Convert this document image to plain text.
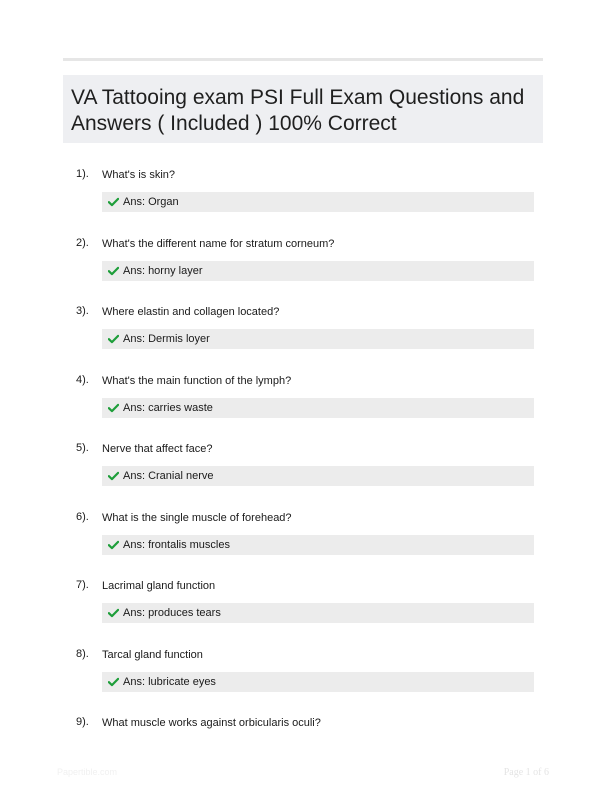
VA Tattooing exam PSI Full Exam Questions and Answers ( Included ) 100% Correct
1). What's is skin?
Ans: Organ
2). What's the different name for stratum corneum?
Ans: horny layer
3). Where elastin and collagen located?
Ans: Dermis loyer
4). What's the main function of the lymph?
Ans: carries waste
5). Nerve that affect face?
Ans: Cranial nerve
6). What is the single muscle of forehead?
Ans: frontalis muscles
7). Lacrimal gland function
Ans: produces tears
8). Tarcal gland function
Ans: lubricate eyes
9). What muscle works against orbicularis oculi?
Papertible.com	Page 1 of 6
